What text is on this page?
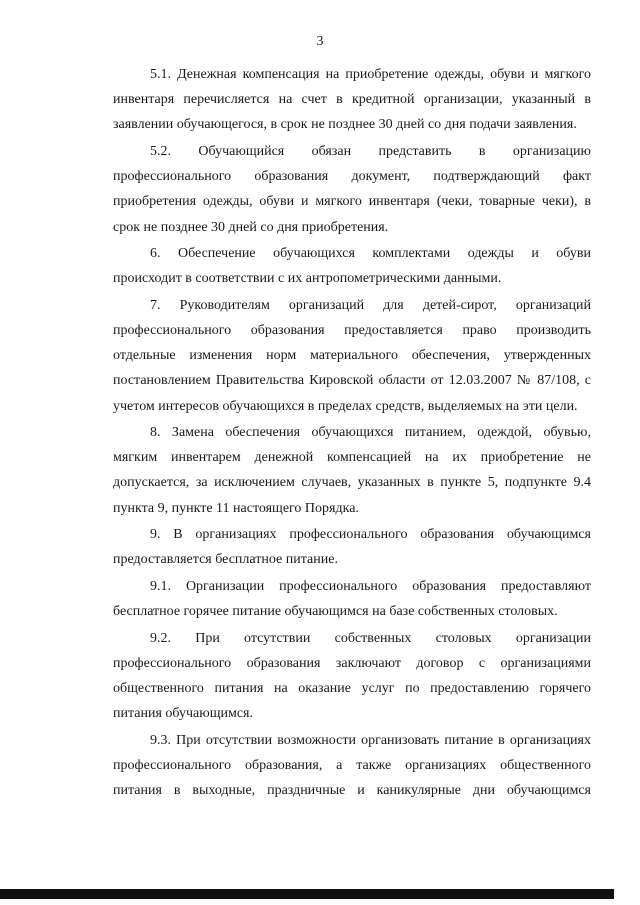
3

5.1. Денежная компенсация на приобретение одежды, обуви и мягкого
инвентаря перечисляется на счет в кредитной организации, указанный в
заявлении обучающегося, в срок не позднее 30 дней со дня подачи заявления.

5.2. Обучающийся обязан представить в организацию
профессионального образования документ, подтверждающий факт
приобретения одежды, обуви и мягкого инвентаря (чеки, товарные чеки), в
срок не позднее 30 дней со дня приобретения.

6. Обеспечение обучающихся комплектами одежды и обуви
происходит в соответствии с их антропометрическими данными.

7. Руководителям организаций для детей-сирот, организаций
профессионального образования предоставляется право производить
отдельные изменения норм материального обеспечения, утвержденных
постановлением Правительства Кировской области от 12.03.2007 № 87/108, с
учетом интересов обучающихся в пределах средств, выделяемых на эти цели.

8. Замена обеспечения обучающихся питанием, одеждой, обувью,
мягким инвентарем денежной компенсацией на их приобретение не
допускается, за исключением случаев, указанных в пункте 5, подпункте 9.4
пункта 9, пункте 11 настоящего Порядка.

9. В организациях профессионального образования обучающимся
предоставляется бесплатное питание.

9.1. Организации профессионального образования предоставляют
бесплатное горячее питание обучающимся на базе собственных столовых.

9.2. При отсутствии собственных столовых организации
профессионального образования заключают договор с организациями
общественного питания на оказание услуг по предоставлению горячего
питания обучающимся.

9.3. При отсутствии возможности организовать питание в организациях
профессионального образования, а также организациях общественного
питания в выходные, праздничные и каникулярные дни обучающимся
